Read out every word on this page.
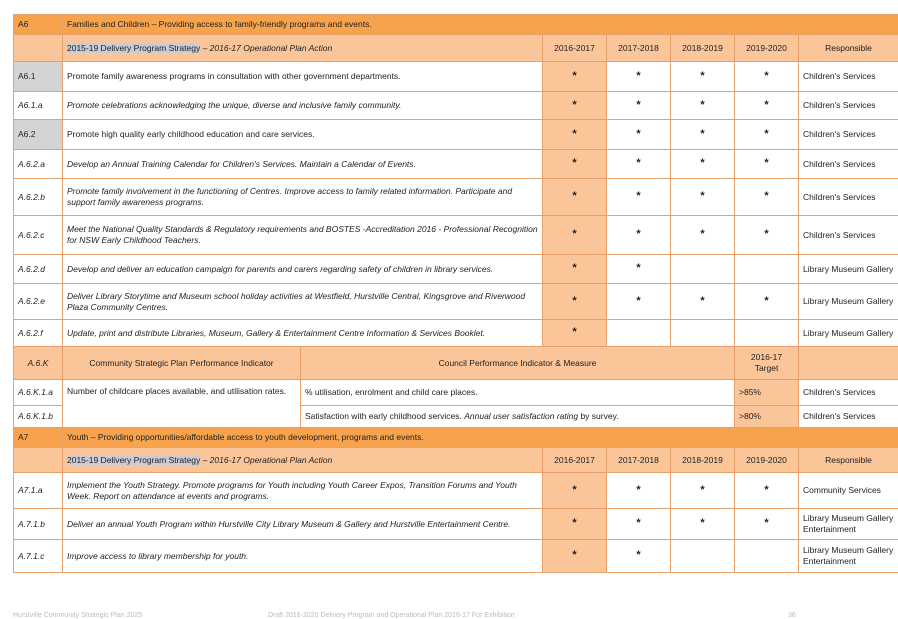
A6	Families and Children – Providing access to family-friendly programs and events.						
	2015-19 Delivery Program Strategy – 2016-17 Operational Plan Action		2016-2017	2017-2018	2018-2019	2019-2020	Responsible
A6.1	Promote family awareness programs in consultation with other government departments.		*	*	*	*	Children's Services
A6.1.a	Promote celebrations acknowledging the unique, diverse and inclusive family community.		*	*	*	*	Children's Services
A6.2	Promote high quality early childhood education and care services.		*	*	*	*	Children's Services
A.6.2.a	Develop an Annual Training Calendar for Children's Services. Maintain a Calendar of Events.		*	*	*	*	Children's Services
A.6.2.b	Promote family involvement in the functioning of Centres. Improve access to family related information. Participate and support family awareness programs.		*	*	*	*	Children's Services
A.6.2.c	Meet the National Quality Standards & Regulatory requirements and BOSTES -Accreditation 2016 - Professional Recognition for NSW Early Childhood Teachers.		*	*	*	*	Children's Services
A.6.2.d	Develop and deliver an education campaign for parents and carers regarding safety of children in library services.		*	*			Library Museum Gallery
A.6.2.e	Deliver Library Storytime and Museum school holiday activities at Westfield, Hurstville Central, Kingsgrove and Riverwood Plaza Community Centres.		*	*	*	*	Library Museum Gallery
A.6.2.f	Update, print and distribute Libraries, Museum, Gallery & Entertainment Centre Information & Services Booklet.		*				Library Museum Gallery
A.6.K	Community Strategic Plan Performance Indicator	Council Performance Indicator & Measure				2016-17 Target	
A.6.K.1.a	Number of childcare places available, and utilisation rates.	% utilisation, enrolment and child care places.				>85%	Children's Services
A.6.K.1.b		Satisfaction with early childhood services. Annual user satisfaction rating by survey.				>80%	Children's Services
A7	Youth – Providing opportunities/affordable access to youth development, programs and events.						
	2015-19 Delivery Program Strategy – 2016-17 Operational Plan Action		2016-2017	2017-2018	2018-2019	2019-2020	Responsible
A7.1.a	Implement the Youth Strategy. Promote programs for Youth including Youth Career Expos, Transition Forums and Youth Week. Report on attendance at events and programs.		*	*	*	*	Community Services
A.7.1.b	Deliver an annual Youth Program within Hurstville City Library Museum & Gallery and Hurstville Entertainment Centre.		*	*	*	*	Library Museum Gallery Entertainment
A.7.1.c	Improve access to library membership for youth.		*	*			Library Museum Gallery Entertainment
Hurstville Community Strategic Plan 2025	Draft 2016-2020 Delivery Program and Operational Plan 2016-17 For Exhibition	36
